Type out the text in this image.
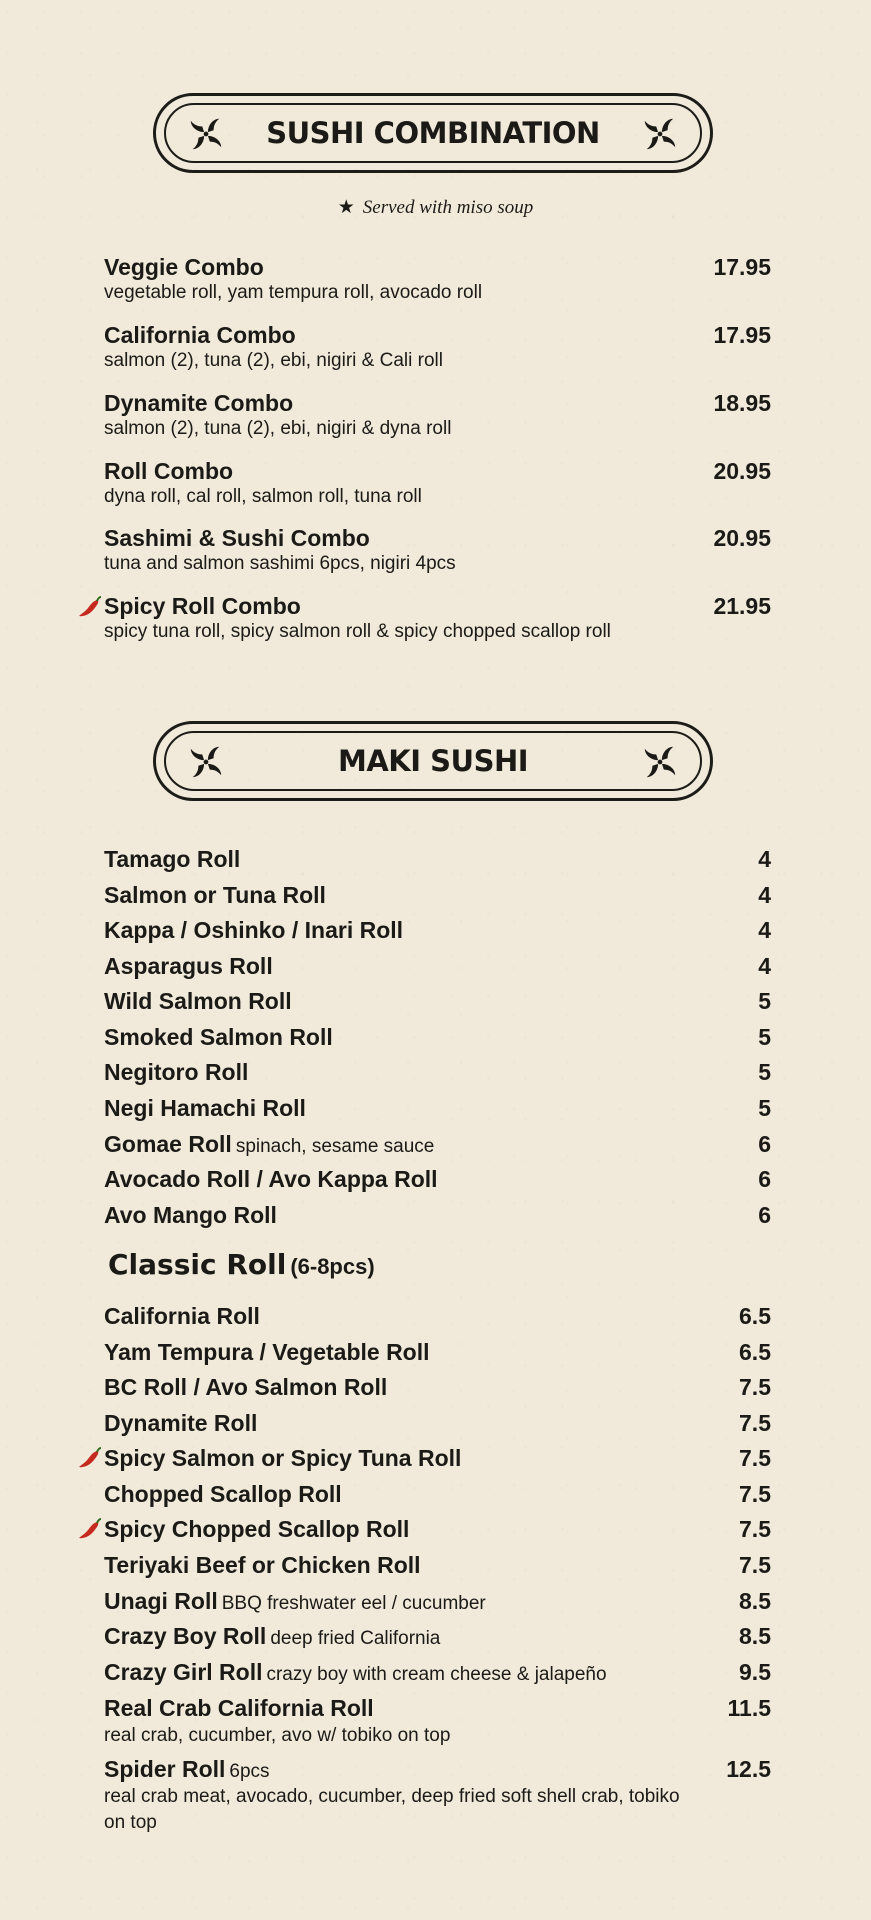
SUSHI COMBINATION
★ Served with miso soup
Veggie Combo
vegetable roll, yam tempura roll, avocado roll
17.95
California Combo
salmon (2), tuna (2), ebi, nigiri & Cali roll
17.95
Dynamite Combo
salmon (2), tuna (2), ebi, nigiri & dyna roll
18.95
Roll Combo
dyna roll, cal roll, salmon roll, tuna roll
20.95
Sashimi & Sushi Combo
tuna and salmon sashimi 6pcs, nigiri 4pcs
20.95
Spicy Roll Combo
spicy tuna roll, spicy salmon roll & spicy chopped scallop roll
21.95
MAKI SUSHI
Tamago Roll	4
Salmon or Tuna Roll	4
Kappa / Oshinko / Inari Roll	4
Asparagus Roll	4
Wild Salmon Roll	5
Smoked Salmon Roll	5
Negitoro Roll	5
Negi Hamachi Roll	5
Gomae Roll spinach, sesame sauce	6
Avocado Roll / Avo Kappa Roll	6
Avo Mango Roll	6
Classic Roll (6-8pcs)
California Roll	6.5
Yam Tempura / Vegetable Roll	6.5
BC Roll / Avo Salmon Roll	7.5
Dynamite Roll	7.5
Spicy Salmon or Spicy Tuna Roll	7.5
Chopped Scallop Roll	7.5
Spicy Chopped Scallop Roll	7.5
Teriyaki Beef or Chicken Roll	7.5
Unagi Roll BBQ freshwater eel / cucumber	8.5
Crazy Boy Roll deep fried California	8.5
Crazy Girl Roll crazy boy with cream cheese & jalapeño	9.5
Real Crab California Roll	11.5
real crab, cucumber, avo w/ tobiko on top
Spider Roll 6pcs	12.5
real crab meat, avocado, cucumber, deep fried soft shell crab, tobiko on top
